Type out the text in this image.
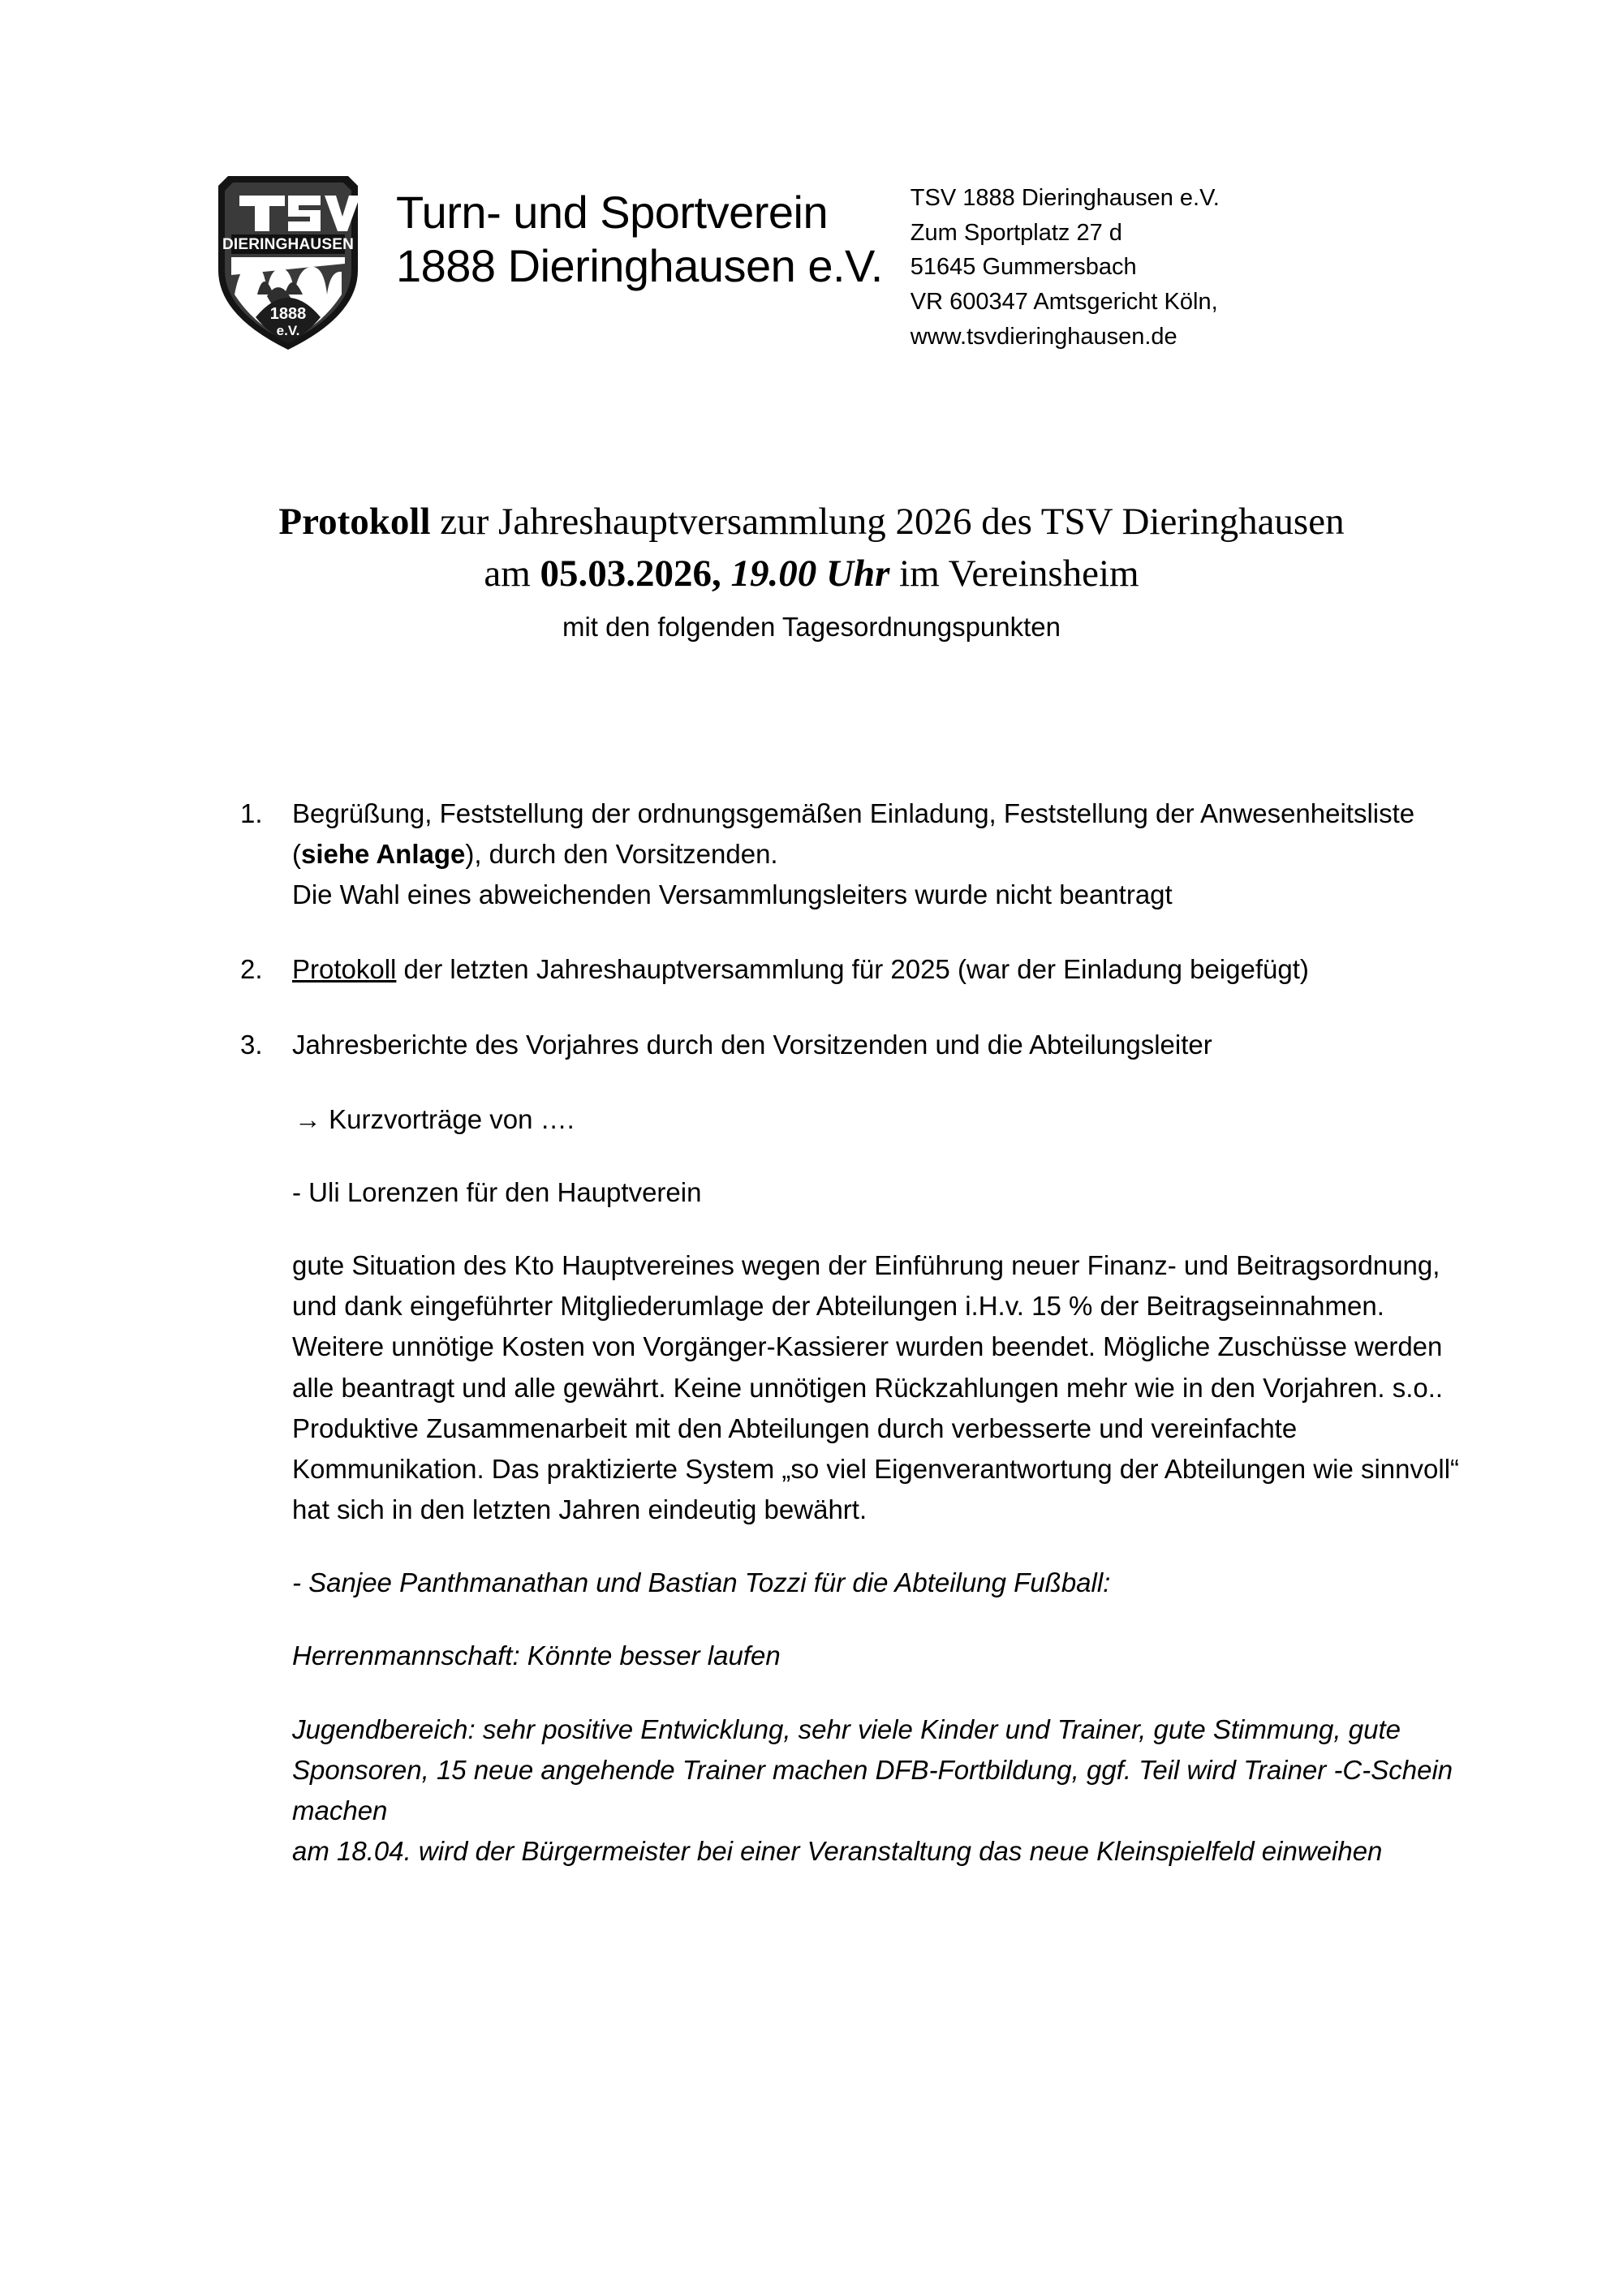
DIERINGHAUSEN
1888
e.V.
Turn- und Sportverein
1888 Dieringhausen e.V.
TSV 1888 Dieringhausen e.V.
Zum Sportplatz 27 d
51645 Gummersbach
VR 600347 Amtsgericht Köln,
www.tsvdieringhausen.de
Protokoll zur Jahreshauptversammlung 2026 des TSV Dieringhausen
am 05.03.2026, 19.00 Uhr im Vereinsheim
mit den folgenden Tagesordnungspunkten
1.	Begrüßung, Feststellung der ordnungsgemäßen Einladung, Feststellung der Anwesenheitsliste (siehe Anlage), durch den Vorsitzenden.

Die Wahl eines abweichenden Versammlungsleiters wurde nicht beantragt

2.	Protokoll der letzten Jahreshauptversammlung für 2025 (war der Einladung beigefügt)

3.	Jahresberichte des Vorjahres durch den Vorsitzenden und die Abteilungsleiter

→ Kurzvorträge von ….

- Uli Lorenzen für den Hauptverein

gute Situation des Kto Hauptvereines wegen der Einführung neuer Finanz- und Beitragsordnung, und dank eingeführter Mitgliederumlage der Abteilungen i.H.v. 15 % der Beitragseinnahmen. Weitere unnötige Kosten von Vorgänger-Kassierer wurden beendet. Mögliche Zuschüsse werden alle beantragt und alle gewährt. Keine unnötigen Rückzahlungen mehr wie in den Vorjahren. s.o.. Produktive Zusammenarbeit mit den Abteilungen durch verbesserte und vereinfachte Kommunikation. Das praktizierte System „so viel Eigenverantwortung der Abteilungen wie sinnvoll“ hat sich in den letzten Jahren eindeutig bewährt.

- Sanjee Panthmanathan und Bastian Tozzi für die Abteilung Fußball:

Herrenmannschaft: Könnte besser laufen

Jugendbereich: sehr positive Entwicklung, sehr viele Kinder und Trainer, gute Stimmung, gute Sponsoren, 15 neue angehende Trainer machen DFB-Fortbildung, ggf. Teil wird Trainer -C-Schein machen

am 18.04. wird der Bürgermeister bei einer Veranstaltung das neue Kleinspielfeld einweihen
